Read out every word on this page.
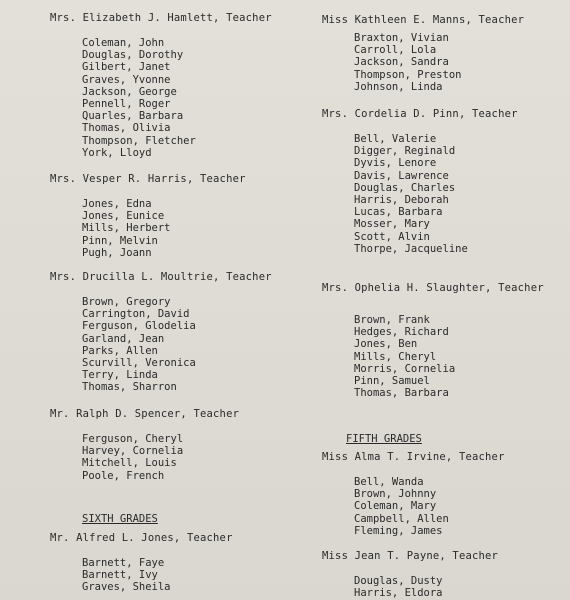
Mrs. Elizabeth J. Hamlett, Teacher
Coleman, John
Douglas, Dorothy
Gilbert, Janet
Graves, Yvonne
Jackson, George
Pennell, Roger
Quarles, Barbara
Thomas, Olivia
Thompson, Fletcher
York, Lloyd
Mrs. Vesper R. Harris, Teacher
Jones, Edna
Jones, Eunice
Mills, Herbert
Pinn, Melvin
Pugh, Joann
Mrs. Drucilla L. Moultrie, Teacher
Brown, Gregory
Carrington, David
Ferguson, Glodelia
Garland, Jean
Parks, Allen
Scurvill, Veronica
Terry, Linda
Thomas, Sharron
Mr. Ralph D. Spencer, Teacher
Ferguson, Cheryl
Harvey, Cornelia
Mitchell, Louis
Poole, French
SIXTH GRADES
Mr. Alfred L. Jones, Teacher
Barnett, Faye
Barnett, Ivy
Graves, Sheila
Miss Kathleen E. Manns, Teacher
Braxton, Vivian
Carroll, Lola
Jackson, Sandra
Thompson, Preston
Johnson, Linda
Mrs. Cordelia D. Pinn, Teacher
Bell, Valerie
Digger, Reginald
Dyvis, Lenore
Davis, Lawrence
Douglas, Charles
Harris, Deborah
Lucas, Barbara
Mosser, Mary
Scott, Alvin
Thorpe, Jacqueline
Mrs. Ophelia H. Slaughter, Teacher
Brown, Frank
Hedges, Richard
Jones, Ben
Mills, Cheryl
Morris, Cornelia
Pinn, Samuel
Thomas, Barbara
FIFTH GRADES
Miss Alma T. Irvine, Teacher
Bell, Wanda
Brown, Johnny
Coleman, Mary
Campbell, Allen
Fleming, James
Miss Jean T. Payne, Teacher
Douglas, Dusty
Harris, Eldora
